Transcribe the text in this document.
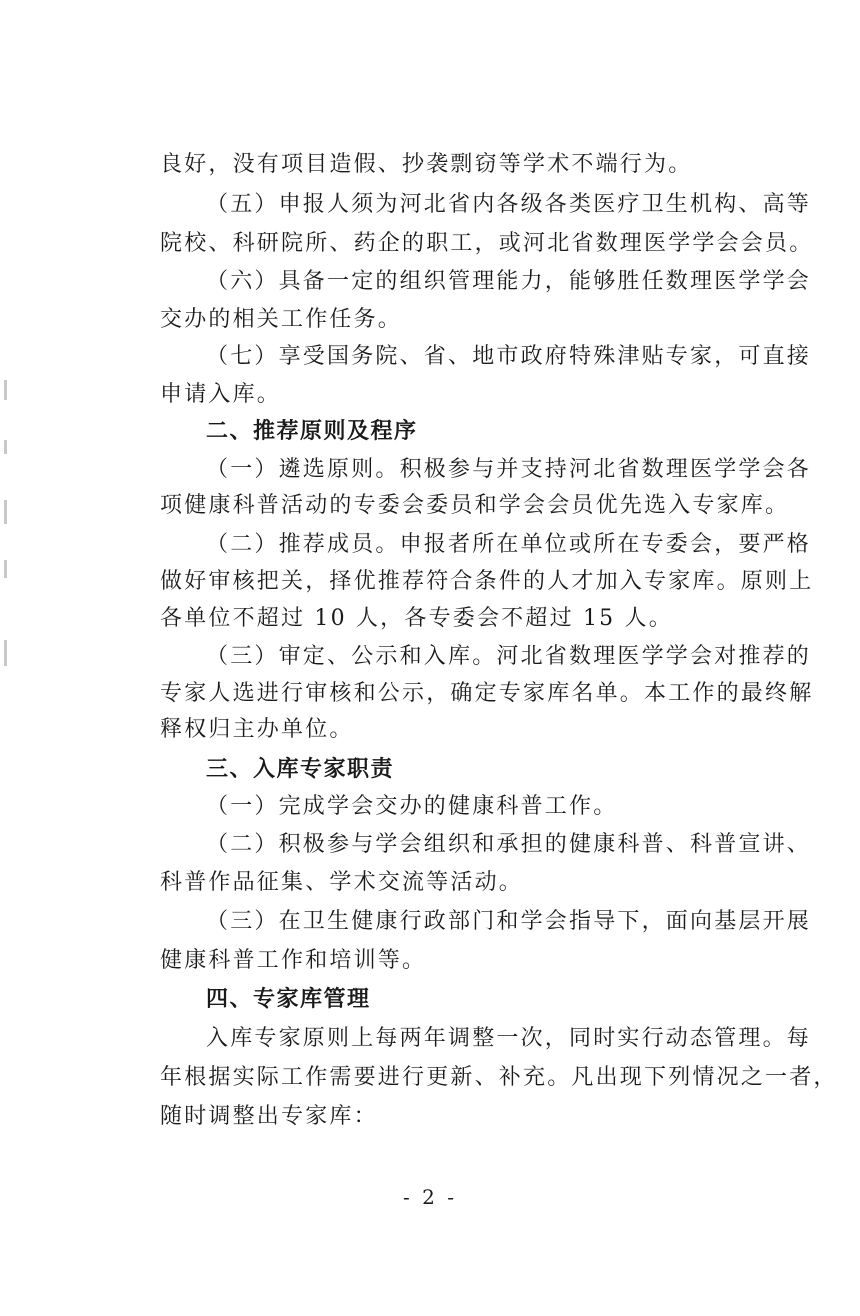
良好，没有项目造假、抄袭剽窃等学术不端行为。
（五）申报人须为河北省内各级各类医疗卫生机构、高等
院校、科研院所、药企的职工，或河北省数理医学学会会员。
（六）具备一定的组织管理能力，能够胜任数理医学学会
交办的相关工作任务。
（七）享受国务院、省、地市政府特殊津贴专家，可直接
申请入库。
二、推荐原则及程序
（一）遴选原则。积极参与并支持河北省数理医学学会各
项健康科普活动的专委会委员和学会会员优先选入专家库。
（二）推荐成员。申报者所在单位或所在专委会，要严格
做好审核把关，择优推荐符合条件的人才加入专家库。原则上
各单位不超过 10 人，各专委会不超过 15 人。
（三）审定、公示和入库。河北省数理医学学会对推荐的
专家人选进行审核和公示，确定专家库名单。本工作的最终解
释权归主办单位。
三、入库专家职责
（一）完成学会交办的健康科普工作。
（二）积极参与学会组织和承担的健康科普、科普宣讲、
科普作品征集、学术交流等活动。
（三）在卫生健康行政部门和学会指导下，面向基层开展
健康科普工作和培训等。
四、专家库管理
入库专家原则上每两年调整一次，同时实行动态管理。每
年根据实际工作需要进行更新、补充。凡出现下列情况之一者，
随时调整出专家库：
- 2 -
